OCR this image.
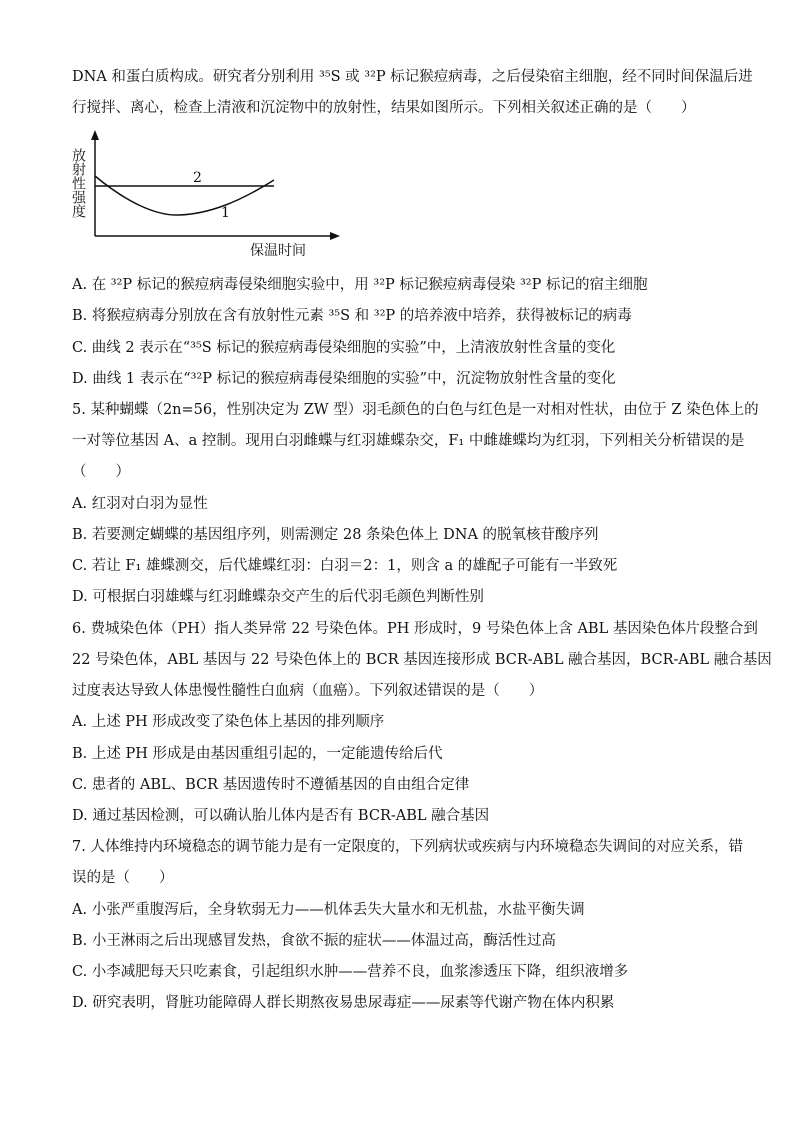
DNA 和蛋白质构成。研究者分别利用 ³⁵S 或 ³²P 标记猴痘病毒，之后侵染宿主细胞，经不同时间保温后进
行搅拌、离心，检查上清液和沉淀物中的放射性，结果如图所示。下列相关叙述正确的是（　　）
放射性强度
保温时间
2
1
A. 在 ³²P 标记的猴痘病毒侵染细胞实验中，用 ³²P 标记猴痘病毒侵染 ³²P 标记的宿主细胞
B. 将猴痘病毒分别放在含有放射性元素 ³⁵S 和 ³²P 的培养液中培养，获得被标记的病毒
C. 曲线 2 表示在“³⁵S 标记的猴痘病毒侵染细胞的实验”中，上清液放射性含量的变化
D. 曲线 1 表示在“³²P 标记的猴痘病毒侵染细胞的实验”中，沉淀物放射性含量的变化
5. 某种蝴蝶（2n=56，性别决定为 ZW 型）羽毛颜色的白色与红色是一对相对性状，由位于 Z 染色体上的
一对等位基因 A、a 控制。现用白羽雌蝶与红羽雄蝶杂交，F₁ 中雌雄蝶均为红羽，下列相关分析错误的是
（　　）
A. 红羽对白羽为显性
B. 若要测定蝴蝶的基因组序列，则需测定 28 条染色体上 DNA 的脱氧核苷酸序列
C. 若让 F₁ 雄蝶测交，后代雄蝶红羽：白羽＝2：1，则含 a 的雄配子可能有一半致死
D. 可根据白羽雄蝶与红羽雌蝶杂交产生的后代羽毛颜色判断性别
6. 费城染色体（PH）指人类异常 22 号染色体。PH 形成时，9 号染色体上含 ABL 基因染色体片段整合到
22 号染色体，ABL 基因与 22 号染色体上的 BCR 基因连接形成 BCR-ABL 融合基因，BCR-ABL 融合基因
过度表达导致人体患慢性髓性白血病（血癌）。下列叙述错误的是（　　）
A. 上述 PH 形成改变了染色体上基因的排列顺序
B. 上述 PH 形成是由基因重组引起的，一定能遗传给后代
C. 患者的 ABL、BCR 基因遗传时不遵循基因的自由组合定律
D. 通过基因检测，可以确认胎儿体内是否有 BCR-ABL 融合基因
7. 人体维持内环境稳态的调节能力是有一定限度的，下列病状或疾病与内环境稳态失调间的对应关系，错
误的是（　　）
A. 小张严重腹泻后，全身软弱无力——机体丢失大量水和无机盐，水盐平衡失调
B. 小王淋雨之后出现感冒发热，食欲不振的症状——体温过高，酶活性过高
C. 小李减肥每天只吃素食，引起组织水肿——营养不良，血浆渗透压下降，组织液增多
D. 研究表明，肾脏功能障碍人群长期熬夜易患尿毒症——尿素等代谢产物在体内积累
